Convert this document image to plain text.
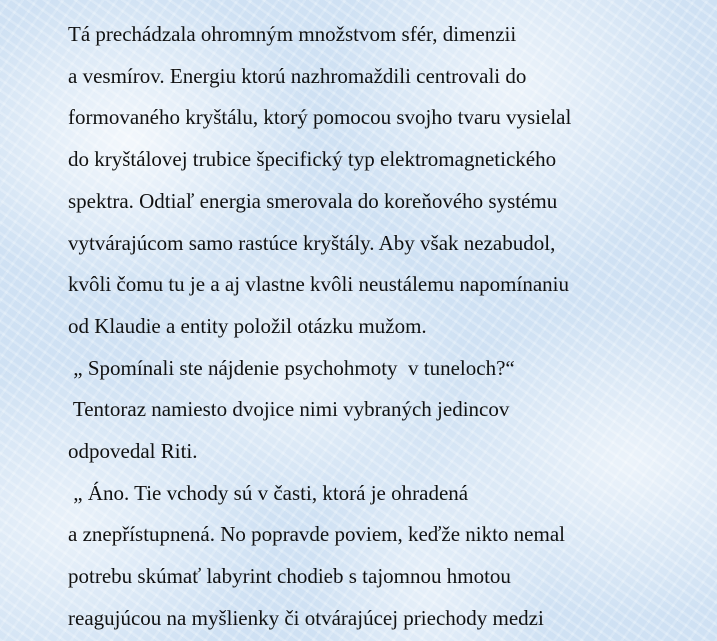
Tá prechádzala ohromným množstvom sfér, dimenzii

a vesmírov. Energiu ktorú nazhromaždili centrovali do

formovaného kryštálu, ktorý pomocou svojho tvaru vysielal

do kryštálovej trubice špecifický typ elektromagnetického

spektra. Odtiaľ energia smerovala do koreňového systému

vytvárajúcom samo rastúce kryštály. Aby však nezabudol,

kvôli čomu tu je a aj vlastne kvôli neustálemu napomínaniu

od Klaudie a entity položil otázku mužom.

„ Spomínali ste nájdenie psychohmoty  v tuneloch?“

Tentoraz namiesto dvojice nimi vybraných jedincov

odpovedal Riti.

„ Áno. Tie vchody sú v časti, ktorá je ohradená

a znepřístupnená. No popravde poviem, keďže nikto nemal

potrebu skúmať labyrint chodieb s tajomnou hmotou

reagujúcou na myšlienky či otvárajúcej priechody medzi
